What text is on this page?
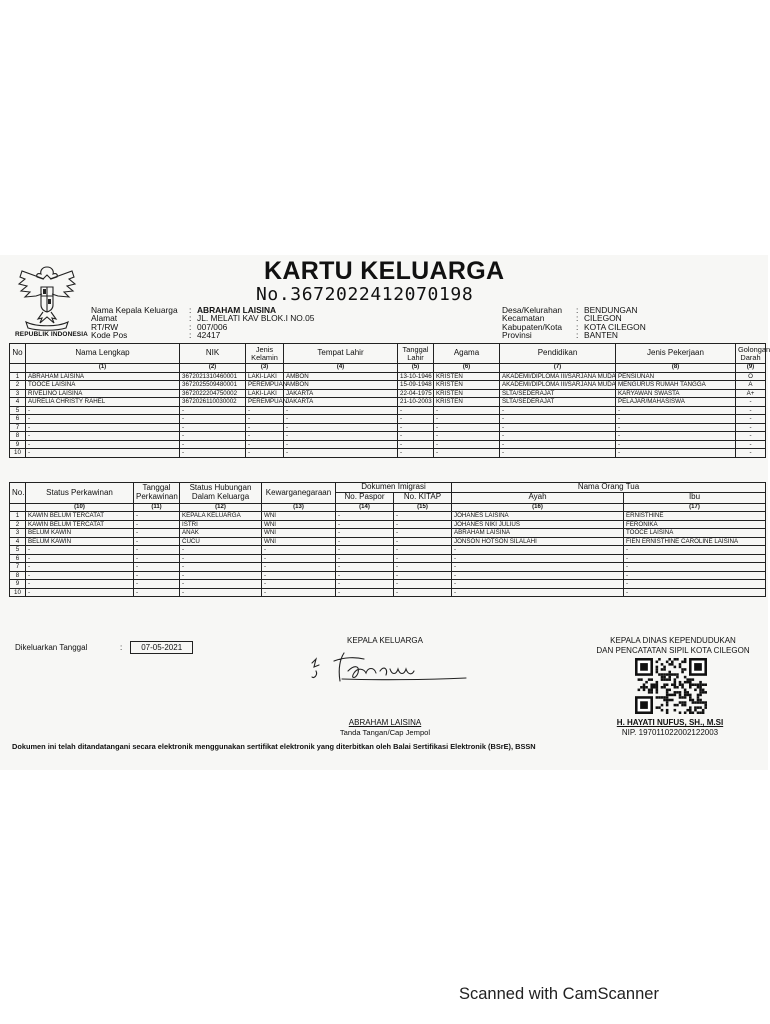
REPUBLIK INDONESIA
KARTU KELUARGA
No.3672022412070198
Nama Kepala Keluarga	: ABRAHAM LAISINA
Alamat	: JL. MELATI KAV BLOK.I NO.05
RT/RW	: 007/006
Kode Pos	: 42417
Desa/Kelurahan	: BENDUNGAN
Kecamatan	: CILEGON
Kabupaten/Kota	: KOTA CILEGON
Provinsi	: BANTEN
No	Nama Lengkap	NIK	Jenis Kelamin	Tempat Lahir	Tanggal Lahir	Agama	Pendidikan	Jenis Pekerjaan	Golongan Darah
	(1)	(2)	(3)	(4)	(5)	(6)	(7)	(8)	(9)
1	ABRAHAM LAISINA	3672021310460001	LAKI-LAKI	AMBON	13-10-1946	KRISTEN	AKADEMI/DIPLOMA III/SARJANA MUDA	PENSIUNAN	O
2	TOOCE LAISINA	3672025509480001	PEREMPUAN	AMBON	15-09-1948	KRISTEN	AKADEMI/DIPLOMA III/SARJANA MUDA	MENGURUS RUMAH TANGGA	A
3	RIVELINO LAISINA	3672022204750002	LAKI-LAKI	JAKARTA	22-04-1975	KRISTEN	SLTA/SEDERAJAT	KARYAWAN SWASTA	A+
4	AURELIA CHRISTY RAHEL	3672026110030002	PEREMPUAN	JAKARTA	21-10-2003	KRISTEN	SLTA/SEDERAJAT	PELAJAR/MAHASISWA	-
5	-	-	-	-	-	-	-	-	-
6	-	-	-	-	-	-	-	-	-
7	-	-	-	-	-	-	-	-	-
8	-	-	-	-	-	-	-	-	-
9	-	-	-	-	-	-	-	-	-
10	-	-	-	-	-	-	-	-	-
No.	Status Perkawinan	Tanggal Perkawinan	Status Hubungan Dalam Keluarga	Kewarganegaraan	Dokumen Imigrasi		Nama Orang Tua	
					No. Paspor	No. KITAP	Ayah	Ibu
	(10)	(11)	(12)	(13)	(14)	(15)	(16)	(17)
1	KAWIN BELUM TERCATAT	-	KEPALA KELUARGA	WNI	-	-	JOHANES LAISINA	ERNISTHINE
2	KAWIN BELUM TERCATAT	-	ISTRI	WNI	-	-	JOHANES NIKI JULIUS	FERONIKA
3	BELUM KAWIN	-	ANAK	WNI	-	-	ABRAHAM LAISINA	TOOCE LAISINA
4	BELUM KAWIN	-	CUCU	WNI	-	-	JONSON HOTSON SILALAHI	FIEN ERNISTHINE CAROLINE LAISINA
5	-	-	-	-	-	-	-	-
6	-	-	-	-	-	-	-	-
7	-	-	-	-	-	-	-	-
8	-	-	-	-	-	-	-	-
9	-	-	-	-	-	-	-	-
10	-	-	-	-	-	-	-	-
Dikeluarkan Tanggal	:	07-05-2021
KEPALA KELUARGA
ABRAHAM LAISINA
Tanda Tangan/Cap Jempol
KEPALA DINAS KEPENDUDUKAN
DAN PENCATATAN SIPIL KOTA CILEGON
H. HAYATI NUFUS, SH., M.SI
NIP. 197011022002122003
Dokumen ini telah ditandatangani secara elektronik menggunakan sertifikat elektronik yang diterbitkan oleh Balai Sertifikasi Elektronik (BSrE), BSSN
Scanned with CamScanner
